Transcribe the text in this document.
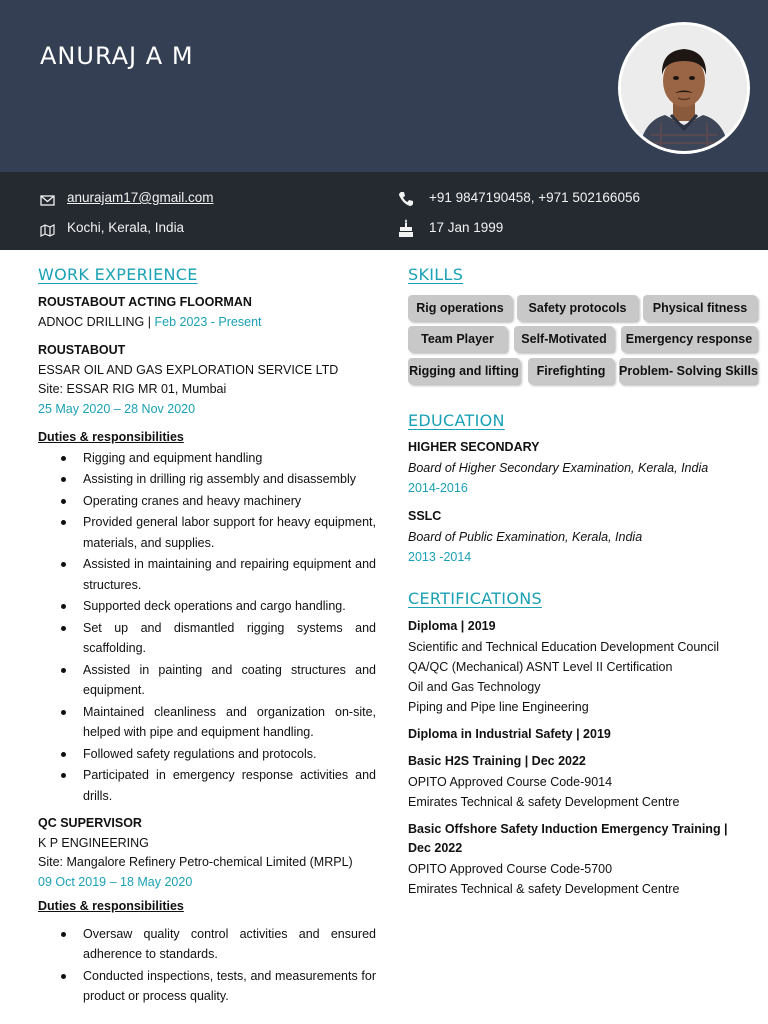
ANURAJ A M
anurajam17@gmail.com
Kochi, Kerala, India
+91 9847190458, +971 502166056
17 Jan 1999
WORK EXPERIENCE
ROUSTABOUT ACTING FLOORMAN
ADNOC DRILLING | Feb 2023 - Present
ROUSTABOUT
ESSAR OIL AND GAS EXPLORATION SERVICE LTD
Site: ESSAR RIG MR 01, Mumbai
25 May 2020 – 28 Nov 2020
Duties & responsibilities
Rigging and equipment handling
Assisting in drilling rig assembly and disassembly
Operating cranes and heavy machinery
Provided general labor support for heavy equipment, materials, and supplies.
Assisted in maintaining and repairing equipment and structures.
Supported deck operations and cargo handling.
Set up and dismantled rigging systems and scaffolding.
Assisted in painting and coating structures and equipment.
Maintained cleanliness and organization on-site, helped with pipe and equipment handling.
Followed safety regulations and protocols.
Participated in emergency response activities and drills.
QC SUPERVISOR
K P ENGINEERING
Site: Mangalore Refinery Petro-chemical Limited (MRPL)
09 Oct 2019 – 18 May 2020
Duties & responsibilities
Oversaw quality control activities and ensured adherence to standards.
Conducted inspections, tests, and measurements for product or process quality.
SKILLS
Rig operations	Safety protocols	Physical fitness
Team Player	Self-Motivated	Emergency response
Rigging and lifting	Firefighting	Problem- Solving Skills
EDUCATION
HIGHER SECONDARY
Board of Higher Secondary Examination, Kerala, India
2014-2016
SSLC
Board of Public Examination, Kerala, India
2013 -2014
CERTIFICATIONS
Diploma | 2019
Scientific and Technical Education Development Council
QA/QC (Mechanical) ASNT Level II Certification
Oil and Gas Technology
Piping and Pipe line Engineering
Diploma in Industrial Safety | 2019
Basic H2S Training | Dec 2022
OPITO Approved Course Code-9014
Emirates Technical & safety Development Centre
Basic Offshore Safety Induction Emergency Training |
Dec 2022
OPITO Approved Course Code-5700
Emirates Technical & safety Development Centre
